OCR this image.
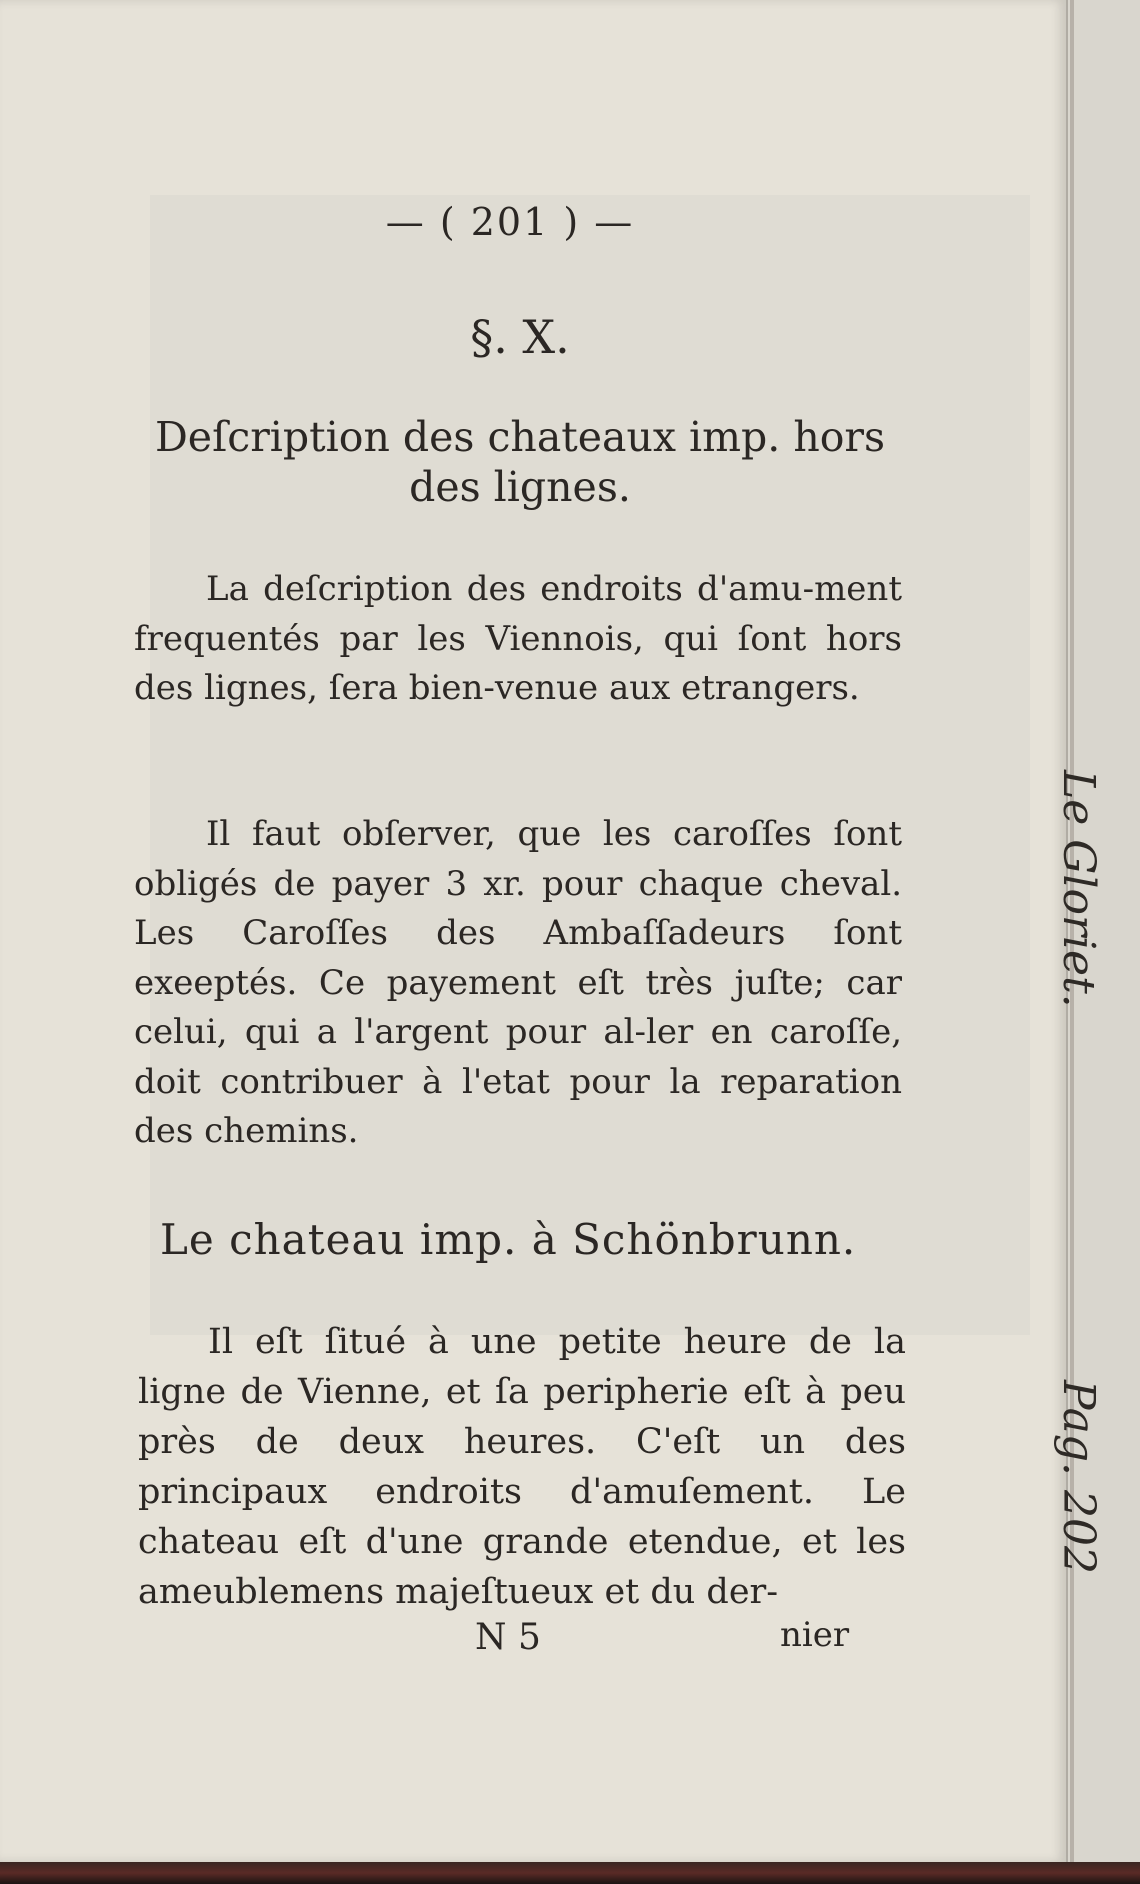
— ( 201 ) —
§. X.
Deſcription des chateaux imp. hors des lignes.

La deſcription des endroits d'amu-ment frequentés par les Viennois, qui ſont hors des lignes, ſera bien-venue aux etrangers.

Il faut obſerver, que les caroſſes ſont obligés de payer 3 xr. pour chaque cheval. Les Caroſſes des Ambaſſadeurs ſont exeeptés. Ce payement eſt très juſte; car celui, qui a l'argent pour al-ler en caroſſe, doit contribuer à l'etat pour la reparation des chemins.

Le chateau imp. à Schönbrunn.

Il eſt ſitué à une petite heure de la ligne de Vienne, et ſa peripherie eſt à peu près de deux heures. C'eſt un des principaux endroits d'amuſement. Le chateau eſt d'une grande etendue, et les ameublemens majeſtueux et du der-

N 5	nier
Le Gloriet.
Pag. 202
